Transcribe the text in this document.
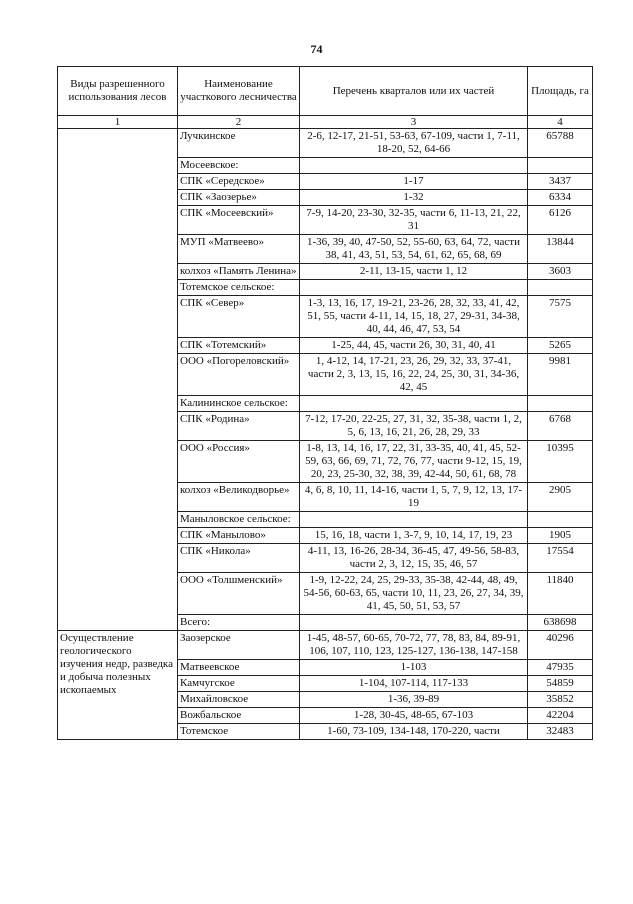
74
Виды разрешенного использования лесов	Наименование участкового лесничества	Перечень кварталов или их частей	Площадь, га
1	2	3	4
	Лучкинское	2-6, 12-17, 21-51, 53-63, 67-109, части 1, 7-11, 18-20, 52, 64-66	65788
	Мосеевское:		
	СПК «Середское»	1-17	3437
	СПК «Заозерье»	1-32	6334
	СПК «Мосеевский»	7-9, 14-20, 23-30, 32-35, части 6, 11-13, 21, 22, 31	6126
	МУП «Матвеево»	1-36, 39, 40, 47-50, 52, 55-60, 63, 64, 72, части 38, 41, 43, 51, 53, 54, 61, 62, 65, 68, 69	13844
	колхоз «Память Ленина»	2-11, 13-15, части 1, 12	3603
	Тотемское сельское:		
	СПК «Север»	1-3, 13, 16, 17, 19-21, 23-26, 28, 32, 33, 41, 42, 51, 55, части 4-11, 14, 15, 18, 27, 29-31, 34-38, 40, 44, 46, 47, 53, 54	7575
	СПК «Тотемский»	1-25, 44, 45, части 26, 30, 31, 40, 41	5265
	ООО «Погореловский»	1, 4-12, 14, 17-21, 23, 26, 29, 32, 33, 37-41, части 2, 3, 13, 15, 16, 22, 24, 25, 30, 31, 34-36, 42, 45	9981
	Калининское сельское:		
	СПК «Родина»	7-12, 17-20, 22-25, 27, 31, 32, 35-38, части 1, 2, 5, 6, 13, 16, 21, 26, 28, 29, 33	6768
	ООО «Россия»	1-8, 13, 14, 16, 17, 22, 31, 33-35, 40, 41, 45, 52-59, 63, 66, 69, 71, 72, 76, 77, части 9-12, 15, 19, 20, 23, 25-30, 32, 38, 39, 42-44, 50, 61, 68, 78	10395
	колхоз «Великодворье»	4, 6, 8, 10, 11, 14-16, части 1, 5, 7, 9, 12, 13, 17-19	2905
	Маныловское сельское:		
	СПК «Манылово»	15, 16, 18, части 1, 3-7, 9, 10, 14, 17, 19, 23	1905
	СПК «Никола»	4-11, 13, 16-26, 28-34, 36-45, 47, 49-56, 58-83, части 2, 3, 12, 15, 35, 46, 57	17554
	ООО «Толшменский»	1-9, 12-22, 24, 25, 29-33, 35-38, 42-44, 48, 49, 54-56, 60-63, 65, части 10, 11, 23, 26, 27, 34, 39, 41, 45, 50, 51, 53, 57	11840
	Всего:		638698
Осуществление геологического изучения недр, разведка и добыча полезных ископаемых	Заозерское	1-45, 48-57, 60-65, 70-72, 77, 78, 83, 84, 89-91, 106, 107, 110, 123, 125-127, 136-138, 147-158	40296
	Матвеевское	1-103	47935
	Камчугское	1-104, 107-114, 117-133	54859
	Михайловское	1-36, 39-89	35852
	Вожбальское	1-28, 30-45, 48-65, 67-103	42204
	Тотемское	1-60, 73-109, 134-148, 170-220, части	32483
